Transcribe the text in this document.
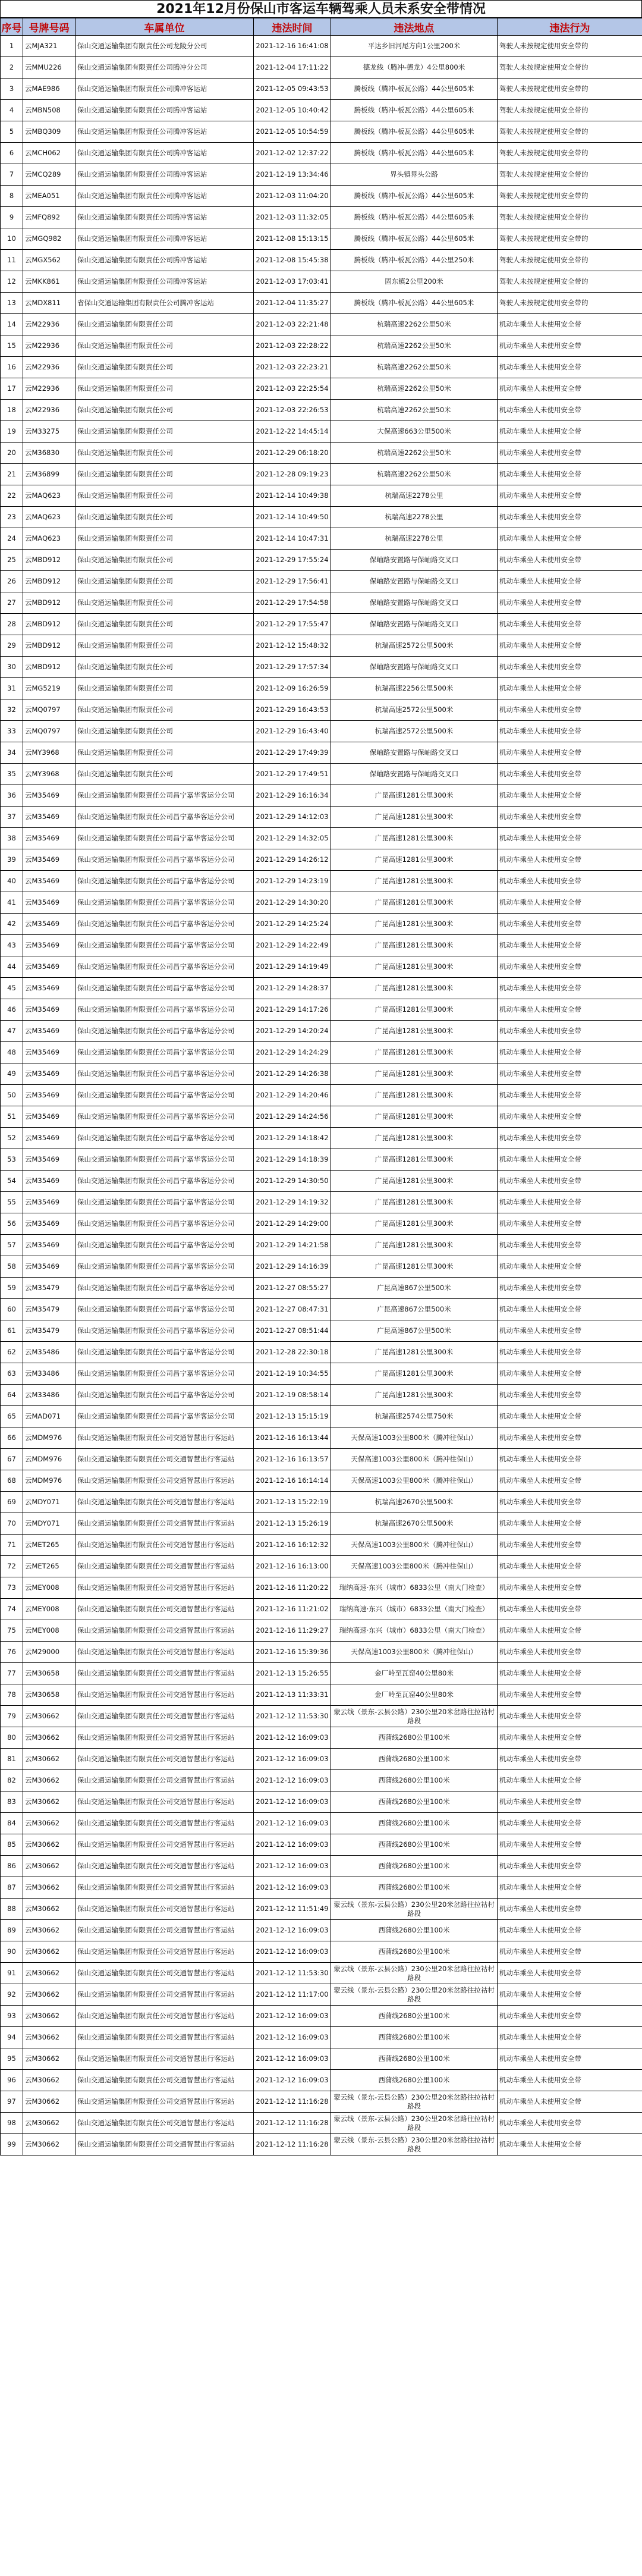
2021年12月份保山市客运车辆驾乘人员未系安全带情况
序号	号牌号码	车属单位	违法时间	违法地点	违法行为
1	云MJA321	保山交通运输集团有限责任公司龙陵分公司	2021-12-16 16:41:08	平达乡旧河尾方向1公里200米	驾驶人未按规定使用安全带的
2	云MMU226	保山交通运输集团有限责任公司腾冲分公司	2021-12-04 17:11:22	德龙线（腾冲-德龙）4公里800米	驾驶人未按规定使用安全带的
3	云MAE986	保山交通运输集团有限责任公司腾冲客运站	2021-12-05 09:43:53	腾板线（腾冲-板瓦公路）44公里605米	驾驶人未按规定使用安全带的
4	云MBN508	保山交通运输集团有限责任公司腾冲客运站	2021-12-05 10:40:42	腾板线（腾冲-板瓦公路）44公里605米	驾驶人未按规定使用安全带的
5	云MBQ309	保山交通运输集团有限责任公司腾冲客运站	2021-12-05 10:54:59	腾板线（腾冲-板瓦公路）44公里605米	驾驶人未按规定使用安全带的
6	云MCH062	保山交通运输集团有限责任公司腾冲客运站	2021-12-02 12:37:22	腾板线（腾冲-板瓦公路）44公里605米	驾驶人未按规定使用安全带的
7	云MCQ289	保山交通运输集团有限责任公司腾冲客运站	2021-12-19 13:34:46	界头镇界头公路	驾驶人未按规定使用安全带的
8	云MEA051	保山交通运输集团有限责任公司腾冲客运站	2021-12-03 11:04:20	腾板线（腾冲-板瓦公路）44公里605米	驾驶人未按规定使用安全带的
9	云MFQ892	保山交通运输集团有限责任公司腾冲客运站	2021-12-03 11:32:05	腾板线（腾冲-板瓦公路）44公里605米	驾驶人未按规定使用安全带的
10	云MGQ982	保山交通运输集团有限责任公司腾冲客运站	2021-12-08 15:13:15	腾板线（腾冲-板瓦公路）44公里605米	驾驶人未按规定使用安全带的
11	云MGX562	保山交通运输集团有限责任公司腾冲客运站	2021-12-08 15:45:38	腾板线（腾冲-板瓦公路）44公里250米	驾驶人未按规定使用安全带的
12	云MKK861	保山交通运输集团有限责任公司腾冲客运站	2021-12-03 17:03:41	固东镇2公里200米	驾驶人未按规定使用安全带的
13	云MDX811	省保山交通运输集团有限责任公司腾冲客运站	2021-12-04 11:35:27	腾板线（腾冲-板瓦公路）44公里605米	驾驶人未按规定使用安全带的
14	云M22936	保山交通运输集团有限责任公司	2021-12-03 22:21:48	杭瑞高速2262公里50米	机动车乘坐人未使用安全带
15	云M22936	保山交通运输集团有限责任公司	2021-12-03 22:28:22	杭瑞高速2262公里50米	机动车乘坐人未使用安全带
16	云M22936	保山交通运输集团有限责任公司	2021-12-03 22:23:21	杭瑞高速2262公里50米	机动车乘坐人未使用安全带
17	云M22936	保山交通运输集团有限责任公司	2021-12-03 22:25:54	杭瑞高速2262公里50米	机动车乘坐人未使用安全带
18	云M22936	保山交通运输集团有限责任公司	2021-12-03 22:26:53	杭瑞高速2262公里50米	机动车乘坐人未使用安全带
19	云M33275	保山交通运输集团有限责任公司	2021-12-22 14:45:14	大保高速663公里500米	机动车乘坐人未使用安全带
20	云M36830	保山交通运输集团有限责任公司	2021-12-29 06:18:20	杭瑞高速2262公里50米	机动车乘坐人未使用安全带
21	云M36899	保山交通运输集团有限责任公司	2021-12-28 09:19:23	杭瑞高速2262公里50米	机动车乘坐人未使用安全带
22	云MAQ623	保山交通运输集团有限责任公司	2021-12-14 10:49:38	杭瑞高速2278公里	机动车乘坐人未使用安全带
23	云MAQ623	保山交通运输集团有限责任公司	2021-12-14 10:49:50	杭瑞高速2278公里	机动车乘坐人未使用安全带
24	云MAQ623	保山交通运输集团有限责任公司	2021-12-14 10:47:31	杭瑞高速2278公里	机动车乘坐人未使用安全带
25	云MBD912	保山交通运输集团有限责任公司	2021-12-29 17:55:24	保岫路安置路与保岫路交叉口	机动车乘坐人未使用安全带
26	云MBD912	保山交通运输集团有限责任公司	2021-12-29 17:56:41	保岫路安置路与保岫路交叉口	机动车乘坐人未使用安全带
27	云MBD912	保山交通运输集团有限责任公司	2021-12-29 17:54:58	保岫路安置路与保岫路交叉口	机动车乘坐人未使用安全带
28	云MBD912	保山交通运输集团有限责任公司	2021-12-29 17:55:47	保岫路安置路与保岫路交叉口	机动车乘坐人未使用安全带
29	云MBD912	保山交通运输集团有限责任公司	2021-12-12 15:48:32	杭瑞高速2572公里500米	机动车乘坐人未使用安全带
30	云MBD912	保山交通运输集团有限责任公司	2021-12-29 17:57:34	保岫路安置路与保岫路交叉口	机动车乘坐人未使用安全带
31	云MG5219	保山交通运输集团有限责任公司	2021-12-09 16:26:59	杭瑞高速2256公里500米	机动车乘坐人未使用安全带
32	云MQ0797	保山交通运输集团有限责任公司	2021-12-29 16:43:53	杭瑞高速2572公里500米	机动车乘坐人未使用安全带
33	云MQ0797	保山交通运输集团有限责任公司	2021-12-29 16:43:40	杭瑞高速2572公里500米	机动车乘坐人未使用安全带
34	云MY3968	保山交通运输集团有限责任公司	2021-12-29 17:49:39	保岫路安置路与保岫路交叉口	机动车乘坐人未使用安全带
35	云MY3968	保山交通运输集团有限责任公司	2021-12-29 17:49:51	保岫路安置路与保岫路交叉口	机动车乘坐人未使用安全带
36	云M35469	保山交通运输集团有限责任公司昌宁嘉华客运分公司	2021-12-29 16:16:34	广昆高速1281公里300米	机动车乘坐人未使用安全带
37	云M35469	保山交通运输集团有限责任公司昌宁嘉华客运分公司	2021-12-29 14:12:03	广昆高速1281公里300米	机动车乘坐人未使用安全带
38	云M35469	保山交通运输集团有限责任公司昌宁嘉华客运分公司	2021-12-29 14:32:05	广昆高速1281公里300米	机动车乘坐人未使用安全带
39	云M35469	保山交通运输集团有限责任公司昌宁嘉华客运分公司	2021-12-29 14:26:12	广昆高速1281公里300米	机动车乘坐人未使用安全带
40	云M35469	保山交通运输集团有限责任公司昌宁嘉华客运分公司	2021-12-29 14:23:19	广昆高速1281公里300米	机动车乘坐人未使用安全带
41	云M35469	保山交通运输集团有限责任公司昌宁嘉华客运分公司	2021-12-29 14:30:20	广昆高速1281公里300米	机动车乘坐人未使用安全带
42	云M35469	保山交通运输集团有限责任公司昌宁嘉华客运分公司	2021-12-29 14:25:24	广昆高速1281公里300米	机动车乘坐人未使用安全带
43	云M35469	保山交通运输集团有限责任公司昌宁嘉华客运分公司	2021-12-29 14:22:49	广昆高速1281公里300米	机动车乘坐人未使用安全带
44	云M35469	保山交通运输集团有限责任公司昌宁嘉华客运分公司	2021-12-29 14:19:49	广昆高速1281公里300米	机动车乘坐人未使用安全带
45	云M35469	保山交通运输集团有限责任公司昌宁嘉华客运分公司	2021-12-29 14:28:37	广昆高速1281公里300米	机动车乘坐人未使用安全带
46	云M35469	保山交通运输集团有限责任公司昌宁嘉华客运分公司	2021-12-29 14:17:26	广昆高速1281公里300米	机动车乘坐人未使用安全带
47	云M35469	保山交通运输集团有限责任公司昌宁嘉华客运分公司	2021-12-29 14:20:24	广昆高速1281公里300米	机动车乘坐人未使用安全带
48	云M35469	保山交通运输集团有限责任公司昌宁嘉华客运分公司	2021-12-29 14:24:29	广昆高速1281公里300米	机动车乘坐人未使用安全带
49	云M35469	保山交通运输集团有限责任公司昌宁嘉华客运分公司	2021-12-29 14:26:38	广昆高速1281公里300米	机动车乘坐人未使用安全带
50	云M35469	保山交通运输集团有限责任公司昌宁嘉华客运分公司	2021-12-29 14:20:46	广昆高速1281公里300米	机动车乘坐人未使用安全带
51	云M35469	保山交通运输集团有限责任公司昌宁嘉华客运分公司	2021-12-29 14:24:56	广昆高速1281公里300米	机动车乘坐人未使用安全带
52	云M35469	保山交通运输集团有限责任公司昌宁嘉华客运分公司	2021-12-29 14:18:42	广昆高速1281公里300米	机动车乘坐人未使用安全带
53	云M35469	保山交通运输集团有限责任公司昌宁嘉华客运分公司	2021-12-29 14:18:39	广昆高速1281公里300米	机动车乘坐人未使用安全带
54	云M35469	保山交通运输集团有限责任公司昌宁嘉华客运分公司	2021-12-29 14:30:50	广昆高速1281公里300米	机动车乘坐人未使用安全带
55	云M35469	保山交通运输集团有限责任公司昌宁嘉华客运分公司	2021-12-29 14:19:32	广昆高速1281公里300米	机动车乘坐人未使用安全带
56	云M35469	保山交通运输集团有限责任公司昌宁嘉华客运分公司	2021-12-29 14:29:00	广昆高速1281公里300米	机动车乘坐人未使用安全带
57	云M35469	保山交通运输集团有限责任公司昌宁嘉华客运分公司	2021-12-29 14:21:58	广昆高速1281公里300米	机动车乘坐人未使用安全带
58	云M35469	保山交通运输集团有限责任公司昌宁嘉华客运分公司	2021-12-29 14:16:39	广昆高速1281公里300米	机动车乘坐人未使用安全带
59	云M35479	保山交通运输集团有限责任公司昌宁嘉华客运分公司	2021-12-27 08:55:27	广昆高速867公里500米	机动车乘坐人未使用安全带
60	云M35479	保山交通运输集团有限责任公司昌宁嘉华客运分公司	2021-12-27 08:47:31	广昆高速867公里500米	机动车乘坐人未使用安全带
61	云M35479	保山交通运输集团有限责任公司昌宁嘉华客运分公司	2021-12-27 08:51:44	广昆高速867公里500米	机动车乘坐人未使用安全带
62	云M35486	保山交通运输集团有限责任公司昌宁嘉华客运分公司	2021-12-28 22:30:18	广昆高速1281公里300米	机动车乘坐人未使用安全带
63	云M33486	保山交通运输集团有限责任公司昌宁嘉华客运分公司	2021-12-19 10:34:55	广昆高速1281公里300米	机动车乘坐人未使用安全带
64	云M33486	保山交通运输集团有限责任公司昌宁嘉华客运分公司	2021-12-19 08:58:14	广昆高速1281公里300米	机动车乘坐人未使用安全带
65	云MAD071	保山交通运输集团有限责任公司昌宁嘉华客运分公司	2021-12-13 15:15:19	杭瑞高速2574公里750米	机动车乘坐人未使用安全带
66	云MDM976	保山交通运输集团有限责任公司交通智慧出行客运站	2021-12-16 16:13:44	天保高速1003公里800米（腾冲往保山）	机动车乘坐人未使用安全带
67	云MDM976	保山交通运输集团有限责任公司交通智慧出行客运站	2021-12-16 16:13:57	天保高速1003公里800米（腾冲往保山）	机动车乘坐人未使用安全带
68	云MDM976	保山交通运输集团有限责任公司交通智慧出行客运站	2021-12-16 16:14:14	天保高速1003公里800米（腾冲往保山）	机动车乘坐人未使用安全带
69	云MDY071	保山交通运输集团有限责任公司交通智慧出行客运站	2021-12-13 15:22:19	杭瑞高速2670公里500米	机动车乘坐人未使用安全带
70	云MDY071	保山交通运输集团有限责任公司交通智慧出行客运站	2021-12-13 15:26:19	杭瑞高速2670公里500米	机动车乘坐人未使用安全带
71	云MET265	保山交通运输集团有限责任公司交通智慧出行客运站	2021-12-16 16:12:32	天保高速1003公里800米（腾冲往保山）	机动车乘坐人未使用安全带
72	云MET265	保山交通运输集团有限责任公司交通智慧出行客运站	2021-12-16 16:13:00	天保高速1003公里800米（腾冲往保山）	机动车乘坐人未使用安全带
73	云MEY008	保山交通运输集团有限责任公司交通智慧出行客运站	2021-12-16 11:20:22	瑞纳高速·东兴（城市）6833公里（南大门检查）	机动车乘坐人未使用安全带
74	云MEY008	保山交通运输集团有限责任公司交通智慧出行客运站	2021-12-16 11:21:02	瑞纳高速·东兴（城市）6833公里（南大门检查）	机动车乘坐人未使用安全带
75	云MEY008	保山交通运输集团有限责任公司交通智慧出行客运站	2021-12-16 11:29:27	瑞纳高速·东兴（城市）6833公里（南大门检查）	机动车乘坐人未使用安全带
76	云M29000	保山交通运输集团有限责任公司交通智慧出行客运站	2021-12-16 15:39:36	天保高速1003公里800米（腾冲往保山）	机动车乘坐人未使用安全带
77	云M30658	保山交通运输集团有限责任公司交通智慧出行客运站	2021-12-13 15:26:55	金厂岭至瓦窑40公里80米	机动车乘坐人未使用安全带
78	云M30658	保山交通运输集团有限责任公司交通智慧出行客运站	2021-12-13 11:33:31	金厂岭至瓦窑40公里80米	机动车乘坐人未使用安全带
79	云M30662	保山交通运输集团有限责任公司交通智慧出行客运站	2021-12-12 11:53:30	蒙云线（景东-云县公路）230公里20米岔路往拉祜村路段	机动车乘坐人未使用安全带
80	云M30662	保山交通运输集团有限责任公司交通智慧出行客运站	2021-12-12 16:09:03	西蒲线2680公里100米	机动车乘坐人未使用安全带
81	云M30662	保山交通运输集团有限责任公司交通智慧出行客运站	2021-12-12 16:09:03	西蒲线2680公里100米	机动车乘坐人未使用安全带
82	云M30662	保山交通运输集团有限责任公司交通智慧出行客运站	2021-12-12 16:09:03	西蒲线2680公里100米	机动车乘坐人未使用安全带
83	云M30662	保山交通运输集团有限责任公司交通智慧出行客运站	2021-12-12 16:09:03	西蒲线2680公里100米	机动车乘坐人未使用安全带
84	云M30662	保山交通运输集团有限责任公司交通智慧出行客运站	2021-12-12 16:09:03	西蒲线2680公里100米	机动车乘坐人未使用安全带
85	云M30662	保山交通运输集团有限责任公司交通智慧出行客运站	2021-12-12 16:09:03	西蒲线2680公里100米	机动车乘坐人未使用安全带
86	云M30662	保山交通运输集团有限责任公司交通智慧出行客运站	2021-12-12 16:09:03	西蒲线2680公里100米	机动车乘坐人未使用安全带
87	云M30662	保山交通运输集团有限责任公司交通智慧出行客运站	2021-12-12 16:09:03	西蒲线2680公里100米	机动车乘坐人未使用安全带
88	云M30662	保山交通运输集团有限责任公司交通智慧出行客运站	2021-12-12 11:51:49	蒙云线（景东-云县公路）230公里20米岔路往拉祜村路段	机动车乘坐人未使用安全带
89	云M30662	保山交通运输集团有限责任公司交通智慧出行客运站	2021-12-12 16:09:03	西蒲线2680公里100米	机动车乘坐人未使用安全带
90	云M30662	保山交通运输集团有限责任公司交通智慧出行客运站	2021-12-12 16:09:03	西蒲线2680公里100米	机动车乘坐人未使用安全带
91	云M30662	保山交通运输集团有限责任公司交通智慧出行客运站	2021-12-12 11:53:30	蒙云线（景东-云县公路）230公里20米岔路往拉祜村路段	机动车乘坐人未使用安全带
92	云M30662	保山交通运输集团有限责任公司交通智慧出行客运站	2021-12-12 11:17:00	蒙云线（景东-云县公路）230公里20米岔路往拉祜村路段	机动车乘坐人未使用安全带
93	云M30662	保山交通运输集团有限责任公司交通智慧出行客运站	2021-12-12 16:09:03	西蒲线2680公里100米	机动车乘坐人未使用安全带
94	云M30662	保山交通运输集团有限责任公司交通智慧出行客运站	2021-12-12 16:09:03	西蒲线2680公里100米	机动车乘坐人未使用安全带
95	云M30662	保山交通运输集团有限责任公司交通智慧出行客运站	2021-12-12 16:09:03	西蒲线2680公里100米	机动车乘坐人未使用安全带
96	云M30662	保山交通运输集团有限责任公司交通智慧出行客运站	2021-12-12 16:09:03	西蒲线2680公里100米	机动车乘坐人未使用安全带
97	云M30662	保山交通运输集团有限责任公司交通智慧出行客运站	2021-12-12 11:16:28	蒙云线（景东-云县公路）230公里20米岔路往拉祜村路段	机动车乘坐人未使用安全带
98	云M30662	保山交通运输集团有限责任公司交通智慧出行客运站	2021-12-12 11:16:28	蒙云线（景东-云县公路）230公里20米岔路往拉祜村路段	机动车乘坐人未使用安全带
99	云M30662	保山交通运输集团有限责任公司交通智慧出行客运站	2021-12-12 11:16:28	蒙云线（景东-云县公路）230公里20米岔路往拉祜村路段	机动车乘坐人未使用安全带
